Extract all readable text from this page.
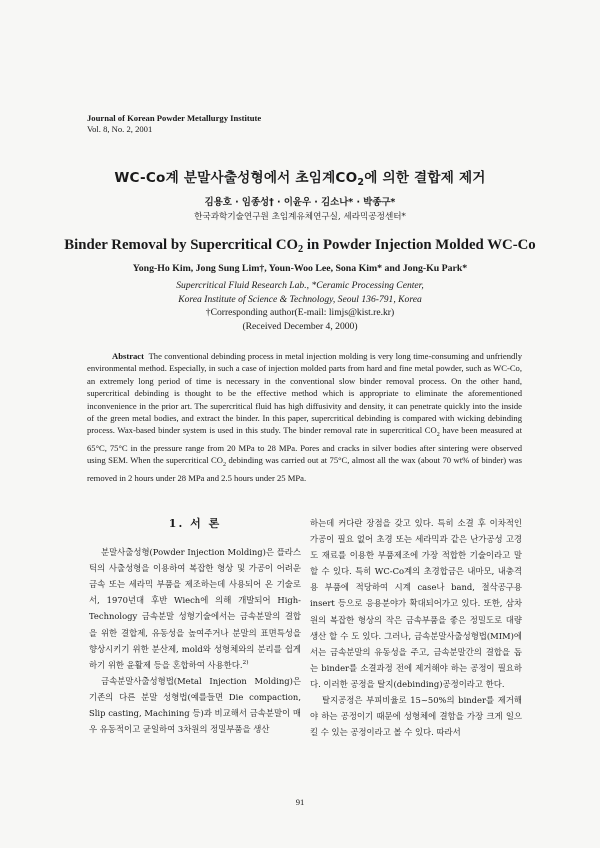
Journal of Korean Powder Metallurgy Institute
Vol. 8, No. 2, 2001
WC-Co계 분말사출성형에서 초임계$CO_2$에 의한 결합제 제거
김용호 · 임종성† · 이윤우 · 김소나* · 박종구*
한국과학기술연구원 초임계유체연구실, 세라믹공정센터*
Binder Removal by Supercritical $CO_2$ in Powder Injection Molded WC-Co
Yong-Ho Kim, Jong Sung Lim†, Youn-Woo Lee, Sona Kim* and Jong-Ku Park*
Supercritical Fluid Research Lab., *Ceramic Processing Center,
Korea Institute of Science & Technology, Seoul 136-791, Korea
†Corresponding author(E-mail: limjs@kist.re.kr)
(Received December 4, 2000)

Abstract The conventional debinding process in metal injection molding is very long time-consuming and unfriendly environmental method. Especially, in such a case of injection molded parts from hard and fine metal powder, such as WC-Co, an extremely long period of time is necessary in the conventional slow binder removal process. On the other hand, supercritical debinding is thought to be the effective method which is appropriate to eliminate the aforementioned inconvenience in the prior art. The supercritical fluid has high diffusivity and density, it can penetrate quickly into the inside of the green metal bodies, and extract the binder. In this paper, supercritical debinding is compared with wicking debinding process. Wax-based binder system is used in this study. The binder removal rate in supercritical $CO_2$ have been measured at 65°C, 75°C in the pressure range from 20 MPa to 28 MPa. Pores and cracks in silver bodies after sintering were observed using SEM. When the supercritical $CO_2$ debinding was carried out at 75°C, almost all the wax (about 70 wt% of binder) was removed in 2 hours under 28 MPa and 2.5 hours under 25 MPa.

1. 서 론

분말사출성형(Powder Injection Molding)은 플라스틱의 사출성형을 이용하여 복잡한 형상 및 가공이 어려운 금속 또는 세라믹 부품을 제조하는데 사용되어 온 기술로서, 1970년대 후반 Wiech에 의해 개발되어 High-Technology 금속분말 성형기술에서는 금속분말의 결합을 위한 결합제, 유동성을 높여주거나 분말의 표면특성을 향상시키기 위한 분산제, mold와 성형체와의 분리를 쉽게 하기 위한 윤활제 등을 혼합하여 사용한다.$^{2)}$

금속분말사출성형법(Metal Injection Molding)은 기존의 다른 분말 성형법(예를들면 Die compaction, Slip casting, Machining 등)과 비교해서 금속분말이 매우 유동적이고 균일하여 3차원의 정밀부품을 생산

하는데 커다란 장점을 갖고 있다. 특히 소결 후 이차적인 가공이 필요 없어 초경 또는 세라믹과 같은 난가공성 고경도 재료를 이용한 부품제조에 가장 적합한 기술이라고 말할 수 있다. 특히 WC-Co계의 초경합금은 내마모, 내충격용 부품에 적당하여 시계 case나 band, 절삭공구용 insert 등으로 응용분야가 확대되어가고 있다. 또한, 삼차원의 복잡한 형상의 작은 금속부품을 좋은 정밀도로 대량생산 할 수 도 있다. 그러나, 금속분말사출성형법(MIM)에서는 금속분말의 유동성을 주고, 금속분말간의 결합을 돕는 binder를 소결과정 전에 제거해야 하는 공정이 필요하다. 이러한 공정을 탈지(debinding)공정이라고 한다.

탈지공정은 부피비율로 15~50%의 binder를 제거해야 하는 공정이기 때문에 성형체에 결함을 가장 크게 일으킬 수 있는 공정이라고 볼 수 있다. 따라서

91
